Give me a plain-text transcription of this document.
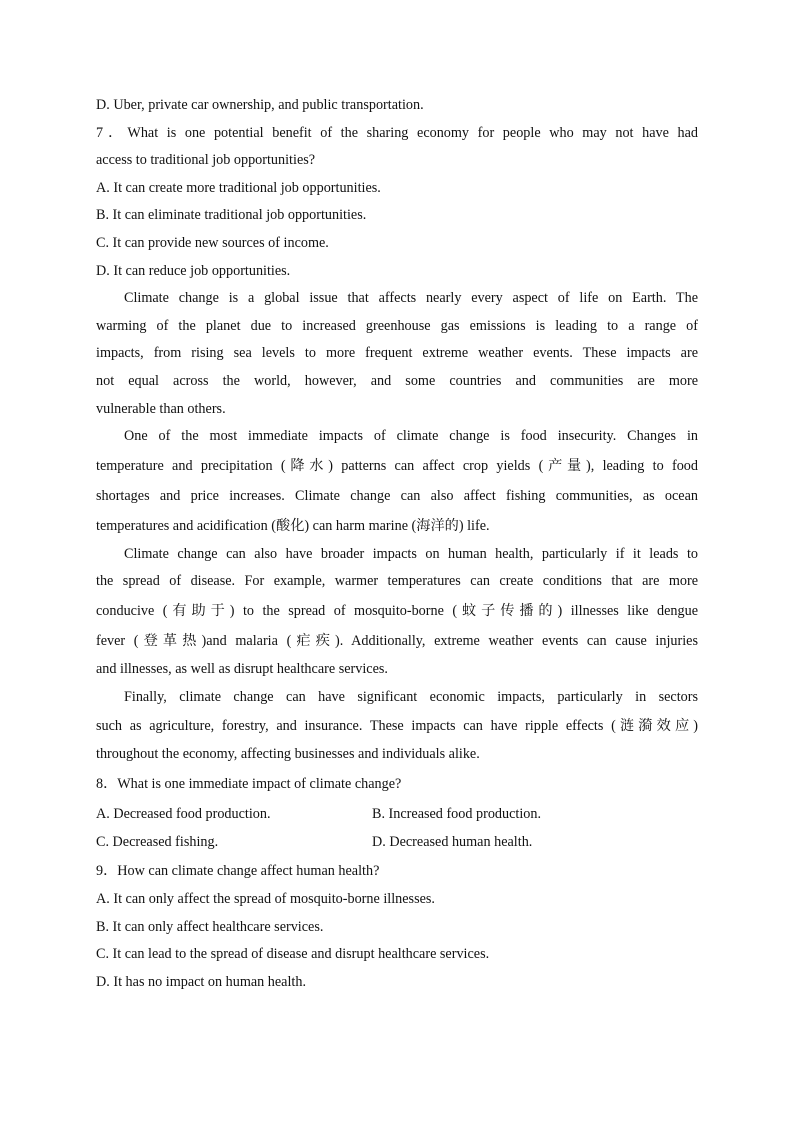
D. Uber, private car ownership, and public transportation.
7．What is one potential benefit of the sharing economy for people who may not have had
access to traditional job opportunities?
A. It can create more traditional job opportunities.
B. It can eliminate traditional job opportunities.
C. It can provide new sources of income.
D. It can reduce job opportunities.
Climate change is a global issue that affects nearly every aspect of life on Earth. The
warming of the planet due to increased greenhouse gas emissions is leading to a range of
impacts, from rising sea levels to more frequent extreme weather events. These impacts are
not equal across the world, however, and some countries and communities are more
vulnerable than others.
One of the most immediate impacts of climate change is food insecurity. Changes in
temperature and precipitation (降水) patterns can affect crop yields (产量), leading to food
shortages and price increases. Climate change can also affect fishing communities, as ocean
temperatures and acidification (酸化) can harm marine (海洋的) life.
Climate change can also have broader impacts on human health, particularly if it leads to
the spread of disease. For example, warmer temperatures can create conditions that are more
conducive (有助于) to the spread of mosquito-borne (蚊子传播的) illnesses like dengue
fever (登革热)and malaria (疟疾). Additionally, extreme weather events can cause injuries
and illnesses, as well as disrupt healthcare services.
Finally, climate change can have significant economic impacts, particularly in sectors
such as agriculture, forestry, and insurance. These impacts can have ripple effects (涟漪效应)
throughout the economy, affecting businesses and individuals alike.
8．What is one immediate impact of climate change?
A. Decreased food production.	B. Increased food production.
C. Decreased fishing.	D. Decreased human health.
9．How can climate change affect human health?
A. It can only affect the spread of mosquito-borne illnesses.
B. It can only affect healthcare services.
C. It can lead to the spread of disease and disrupt healthcare services.
D. It has no impact on human health.
